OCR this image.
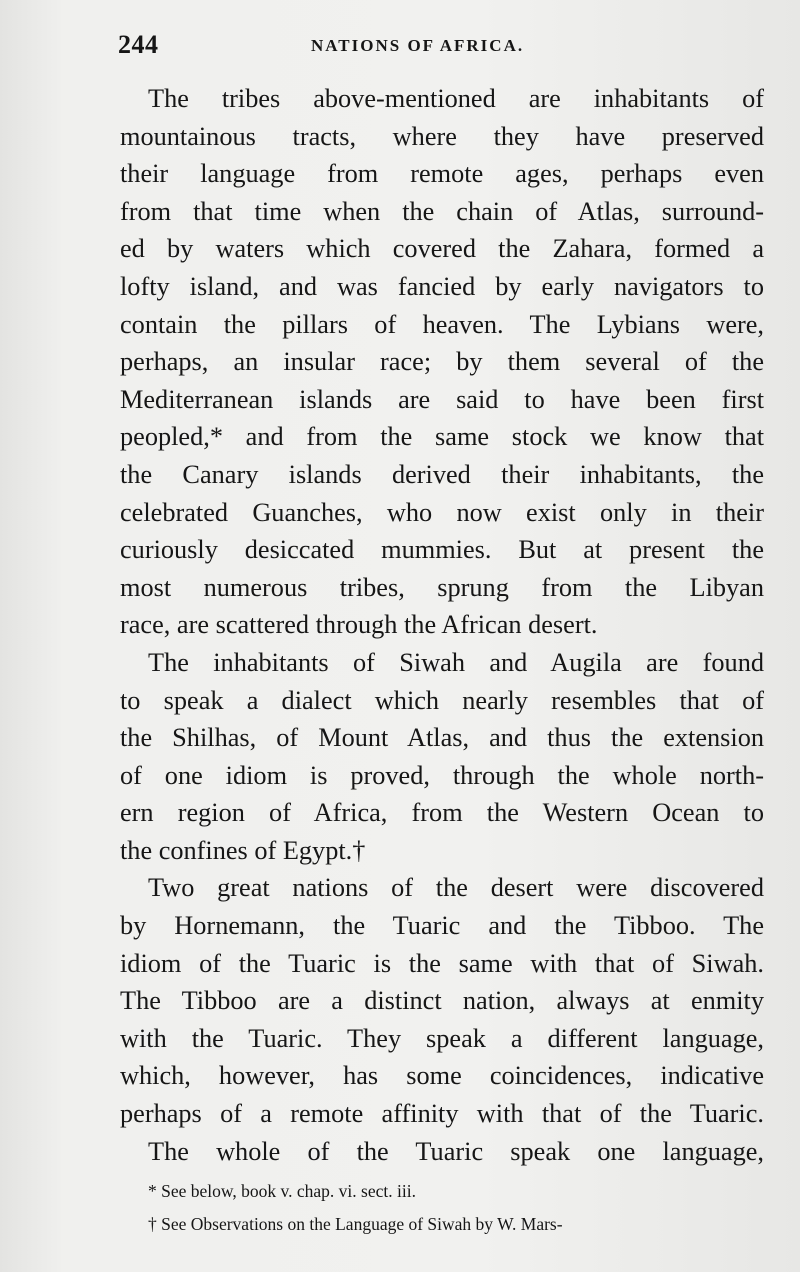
244	NATIONS OF AFRICA.
The tribes above-mentioned are inhabitants of
mountainous tracts, where they have preserved
their language from remote ages, perhaps even
from that time when the chain of Atlas, surround-
ed by waters which covered the Zahara, formed a
lofty island, and was fancied by early navigators to
contain the pillars of heaven. The Lybians were,
perhaps, an insular race; by them several of the
Mediterranean islands are said to have been first
peopled,* and from the same stock we know that
the Canary islands derived their inhabitants, the
celebrated Guanches, who now exist only in their
curiously desiccated mummies. But at present the
most numerous tribes, sprung from the Libyan
race, are scattered through the African desert.
The inhabitants of Siwah and Augila are found
to speak a dialect which nearly resembles that of
the Shilhas, of Mount Atlas, and thus the extension
of one idiom is proved, through the whole north-
ern region of Africa, from the Western Ocean to
the confines of Egypt.†
Two great nations of the desert were discovered
by Hornemann, the Tuaric and the Tibboo. The
idiom of the Tuaric is the same with that of Siwah.
The Tibboo are a distinct nation, always at enmity
with the Tuaric. They speak a different language,
which, however, has some coincidences, indicative
perhaps of a remote affinity with that of the Tuaric.
The whole of the Tuaric speak one language,
* See below, book v. chap. vi. sect. iii.
† See Observations on the Language of Siwah by W. Mars-
